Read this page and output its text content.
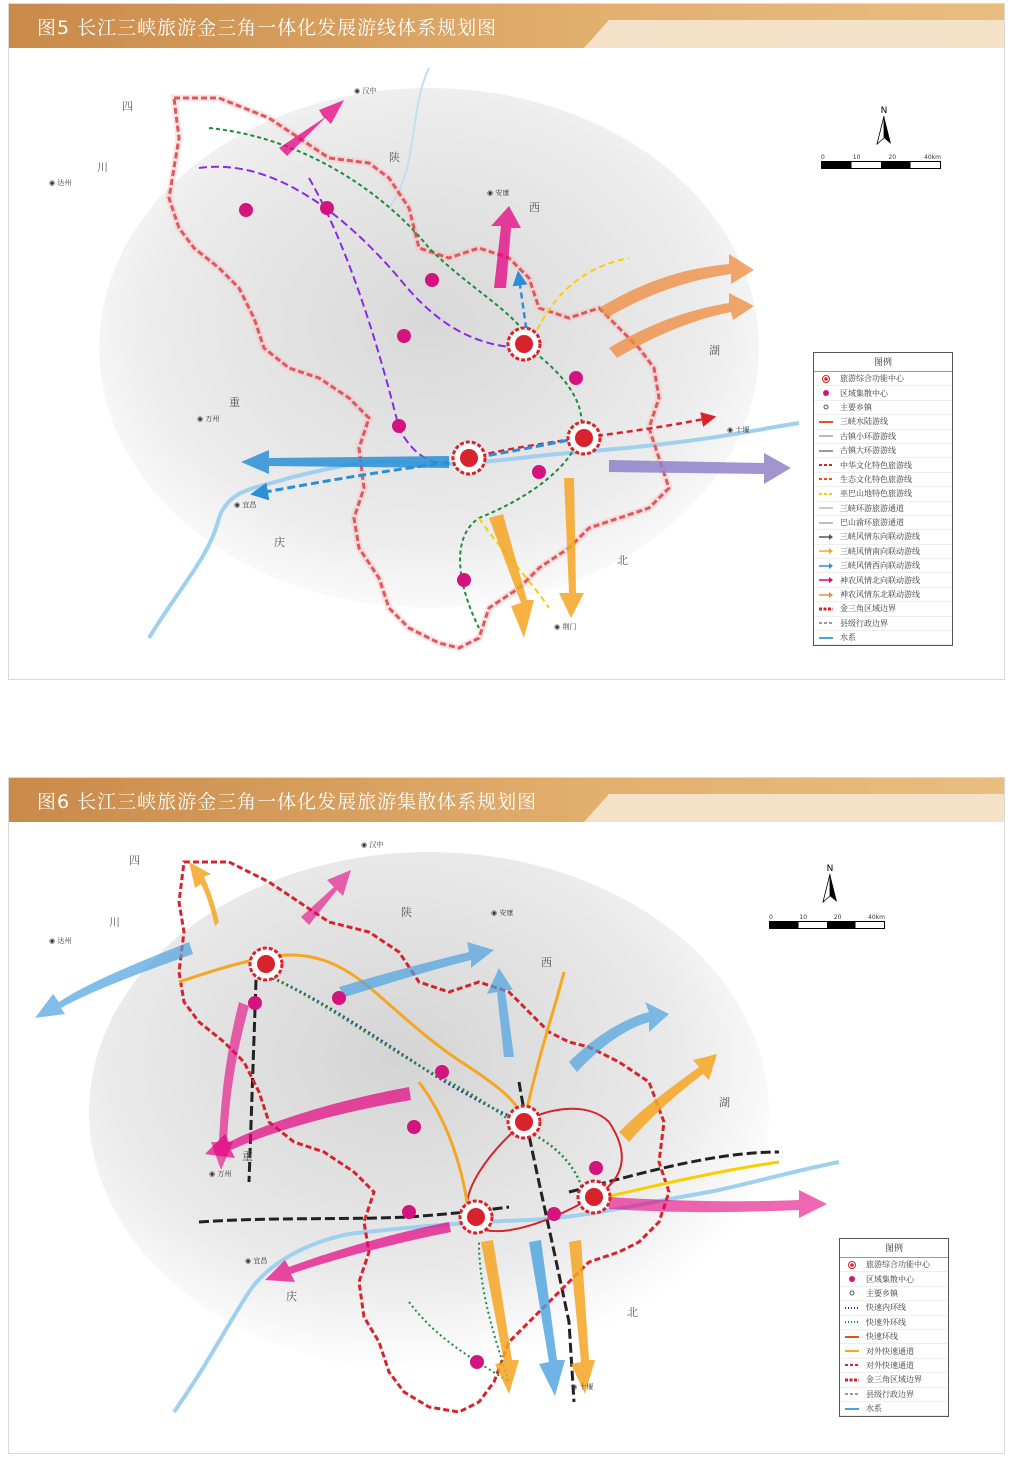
图5 长江三峡旅游金三角一体化发展游线体系规划图
四
川
陕
西
湖
北
重
庆
◉ 汉中
◉ 安康
◉ 达州
◉ 万州
◉ 宜昌
◉ 荆门
◉ 十堰
N
0	10	20	40km
图例
旅游综合功能中心
区域集散中心
主要乡镇
三峡水陆游线
古镇小环游游线
古镇大环游游线
中华文化特色旅游线
生态文化特色旅游线
巫巴山地特色旅游线
三峡环游旅游通道
巴山渝环旅游通道
三峡风情东向联动游线
三峡风情南向联动游线
三峡风情西向联动游线
神农风情北向联动游线
神农风情东北联动游线
金三角区域边界
县级行政边界
水系
图6 长江三峡旅游金三角一体化发展旅游集散体系规划图
四
川
陕
西
湖
北
重
庆
◉ 汉中
◉ 安康
◉ 达州
◉ 万州
◉ 宜昌
◉ 十堰
N
0	10	20	40km
图例
旅游综合功能中心
区域集散中心
主要乡镇
快速内环线
快速外环线
快速环线
对外快速通道
对外快速通道
金三角区域边界
县级行政边界
水系
